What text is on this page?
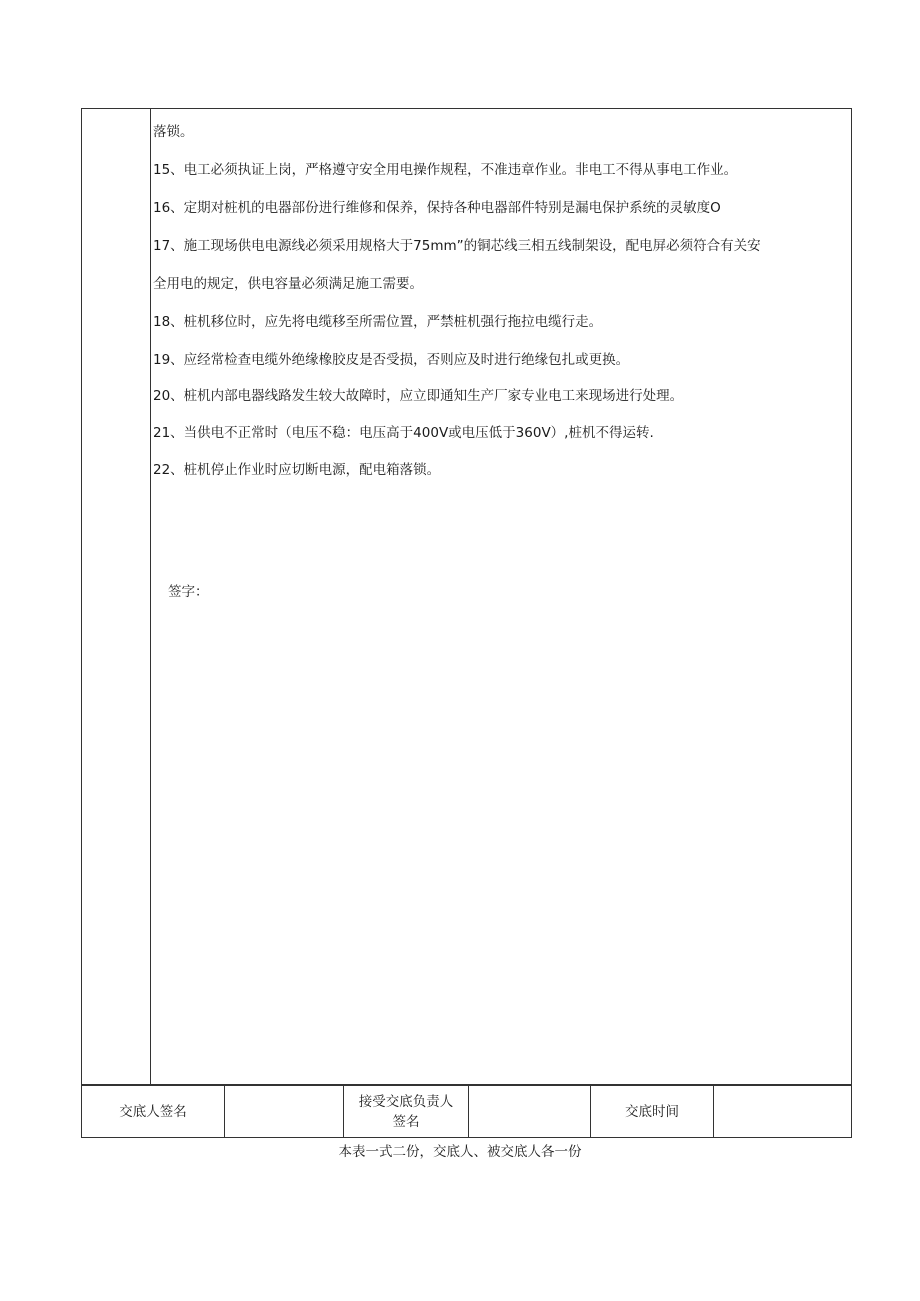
落锁。
15、电工必须执证上岗，严格遵守安全用电操作规程，不准违章作业。非电工不得从事电工作业。
16、定期对桩机的电器部份进行维修和保养，保持各种电器部件特别是漏电保护系统的灵敏度O
17、施工现场供电电源线必须采用规格大于75mm”的铜芯线三相五线制架设，配电屏必须符合有关安
全用电的规定，供电容量必须满足施工需要。
18、桩机移位时，应先将电缆移至所需位置，严禁桩机强行拖拉电缆行走。
19、应经常检查电缆外绝缘橡胶皮是否受损，否则应及时进行绝缘包扎或更换。
20、桩机内部电器线路发生较大故障时，应立即通知生产厂家专业电工来现场进行处理。
21、当供电不正常时（电压不稳：电压高于400V或电压低于360V）,桩机不得运转.
22、桩机停止作业时应切断电源，配电箱落锁。
签字：
交底人签名
接受交底负责人
签名
交底时间
本表一式二份，交底人、被交底人各一份
